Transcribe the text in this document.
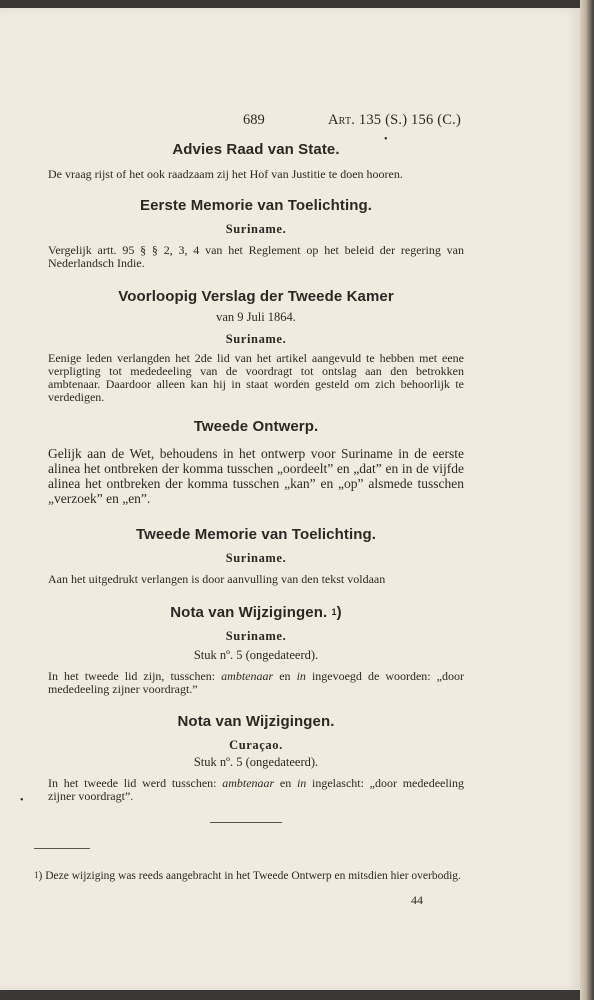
689	Art. 135 (S.) 156 (C.)
•
Advies Raad van State.

De vraag rijst of het ook raadzaam zij het Hof van Justitie te doen hooren.

Eerste Memorie van Toelichting.

Suriname.

Vergelijk artt. 95 § § 2, 3, 4 van het Reglement op het beleid der regering van Nederlandsch Indie.

Voorloopig Verslag der Tweede Kamer

van 9 Juli 1864.

Suriname.

Eenige leden verlangden het 2de lid van het artikel aangevuld te hebben met eene verpligting tot mededeeling van de voordragt tot ontslag aan den betrokken ambtenaar. Daardoor alleen kan hij in staat worden gesteld om zich behoorlijk te verdedigen.

Tweede Ontwerp.

Gelijk aan de Wet, behoudens in het ontwerp voor Suriname in de eerste alinea het ontbreken der komma tusschen „oordeelt” en „dat” en in de vijfde alinea het ontbreken der komma tusschen „kan” en „op” alsmede tusschen „verzoek” en „en”.

Tweede Memorie van Toelichting.

Suriname.

Aan het uitgedrukt verlangen is door aanvulling van den tekst voldaan

Nota van Wijzigingen. $^1$)

Suriname.

Stuk nº. 5 (ongedateerd).

In het tweede lid zijn, tusschen: ambtenaar en in ingevoegd de woorden: „door mededeeling zijner voordragt.”

Nota van Wijzigingen.

Curaçao.

Stuk nº. 5 (ongedateerd).

In het tweede lid werd tusschen: ambtenaar en in ingelascht: „door mededeeling zijner voordragt”.

•

$^1$) Deze wijziging was reeds aangebracht in het Tweede Ontwerp en mitsdien hier overbodig.

44
